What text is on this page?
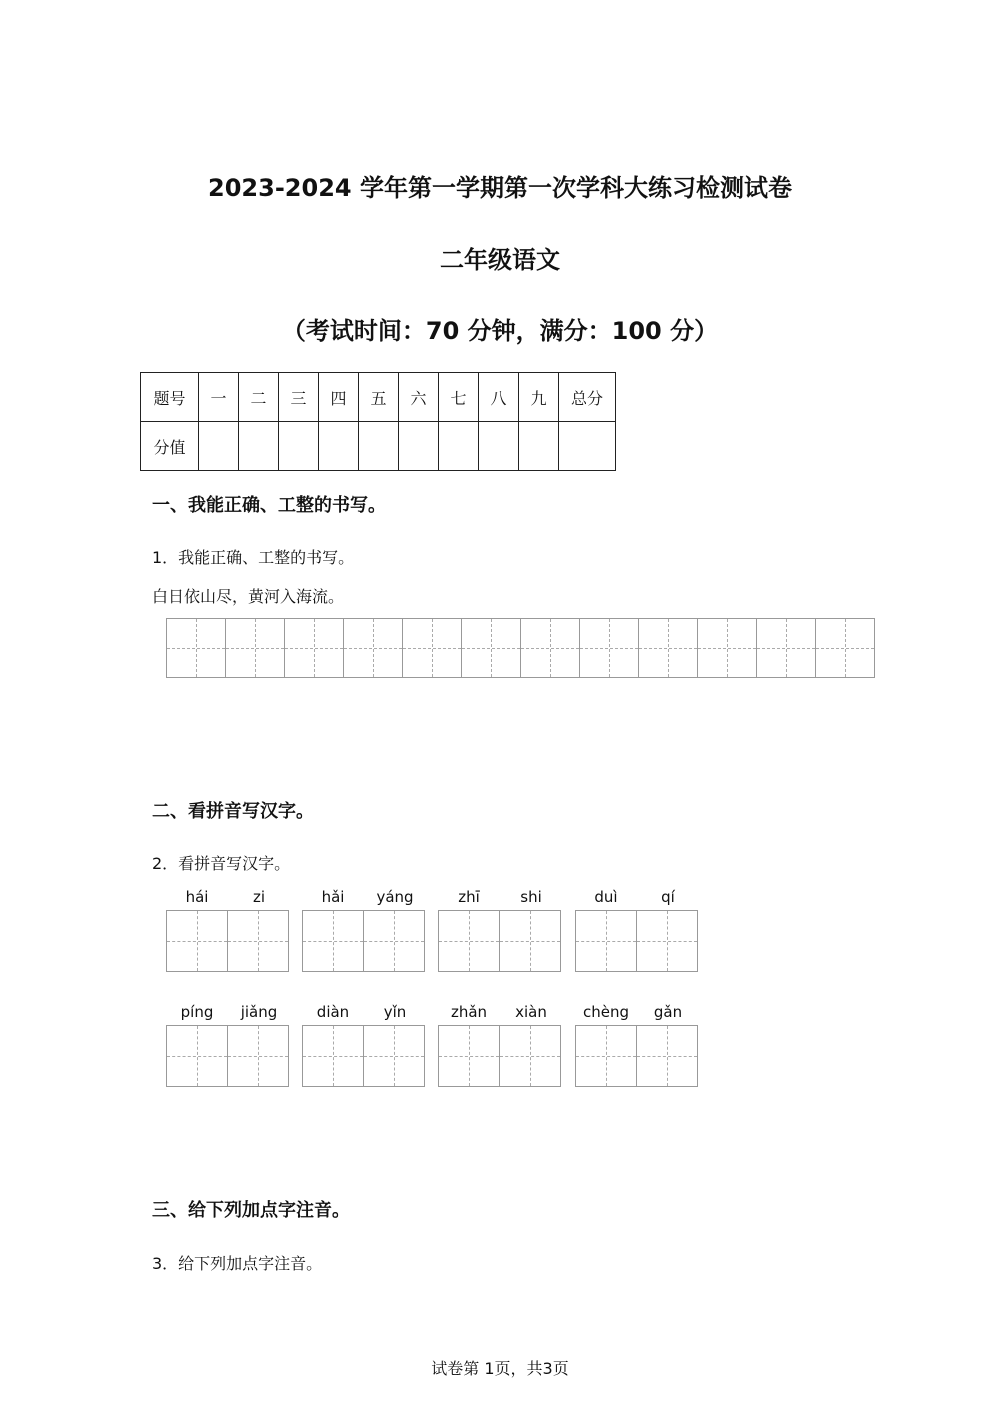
2023-2024 学年第一学期第一次学科大练习检测试卷
二年级语文
（考试时间：70 分钟，满分：100 分）
题号	一	二	三	四	五	六	七	八	九	总分
分值										
一、我能正确、工整的书写。
1．我能正确、工整的书写。
白日依山尽，黄河入海流。
二、看拼音写汉字。
2．看拼音写汉字。
hái	zi	hǎi	yáng	zhī	shi	duì	qí
píng	jiǎng	diàn	yǐn	zhǎn	xiàn	chèng	gǎn
三、给下列加点字注音。
3．给下列加点字注音。
试卷第 1页，共3页
